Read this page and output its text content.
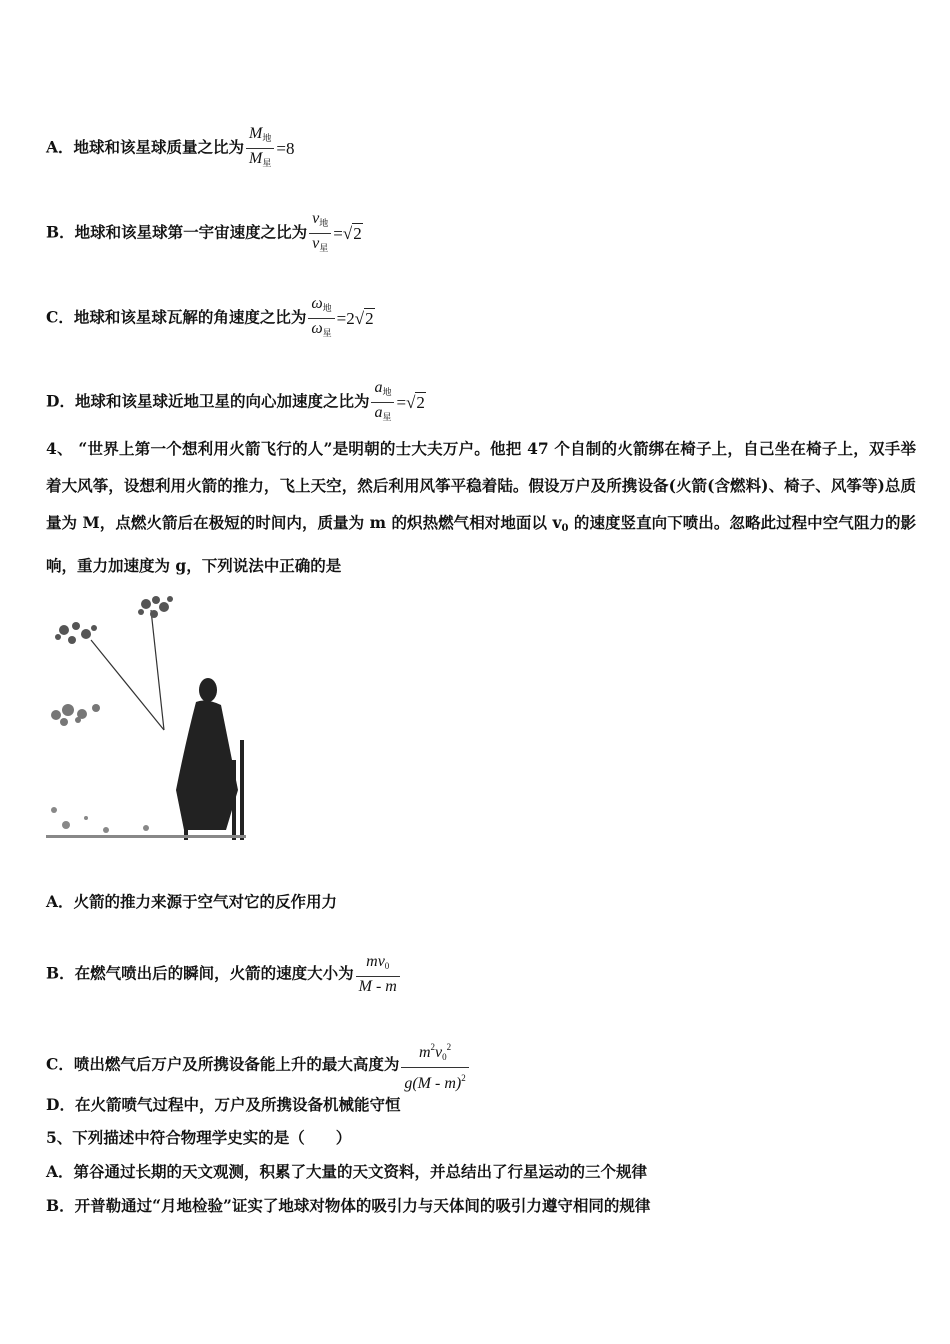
A．地球和该星球质量之比为 $\frac{M_地}{M_星} =8$
B．地球和该星球第一宇宙速度之比为 $\frac{v_地}{v_星} =√2$
C．地球和该星球瓦解的角速度之比为 $\frac{\omega_地}{\omega_星} =2√2$
D．地球和该星球近地卫星的向心加速度之比为 $\frac{a_地}{a_星} =√2$
4、 “世界上第一个想利用火箭飞行的人”是明朝的士大夫万户。他把 47 个自制的火箭绑在椅子上，自己坐在椅子上，双手举着大风筝，设想利用火箭的推力，飞上天空，然后利用风筝平稳着陆。假设万户及所携设备(火箭(含燃料)、椅子、风筝等)总质量为 M，点燃火箭后在极短的时间内，质量为 m 的炽热燃气相对地面以 $v_0$ 的速度竖直向下喷出。忽略此过程中空气阻力的影响，重力加速度为 g，下列说法中正确的是
A．火箭的推力来源于空气对它的反作用力
B．在燃气喷出后的瞬间，火箭的速度大小为 $\frac{mv_0}{M - m}$
C．喷出燃气后万户及所携设备能上升的最大高度为 $\frac{m^2v_0^2}{g(M - m)^2}$
D．在火箭喷气过程中，万户及所携设备机械能守恒
5、下列描述中符合物理学史实的是（　　）
A．第谷通过长期的天文观测，积累了大量的天文资料，并总结出了行星运动的三个规律
B．开普勒通过“月地检验”证实了地球对物体的吸引力与天体间的吸引力遵守相同的规律
